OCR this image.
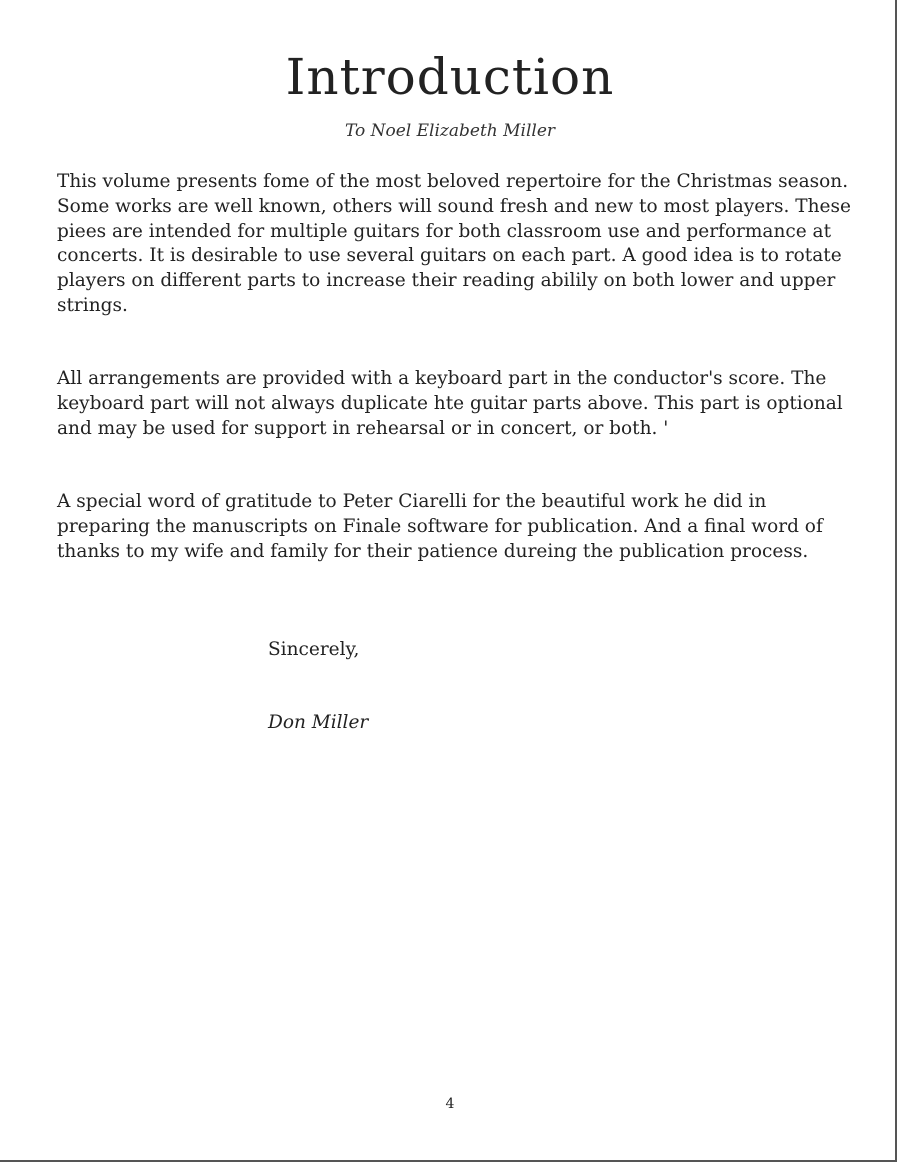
Introduction
To Noel Elizabeth Miller

This volume presents fome of the most beloved repertoire for the Christmas season. Some works are well known, others will sound fresh and new to most players. These piees are intended for multiple guitars for both classroom use and performance at concerts. It is desirable to use several guitars on each part. A good idea is to rotate players on different parts to increase their reading abilily on both lower and upper strings.

All arrangements are provided with a keyboard part in the conductor's score. The keyboard part will not always duplicate hte guitar parts above. This part is optional and may be used for support in rehearsal or in concert, or both. '

A special word of gratitude to Peter Ciarelli for the beautiful work he did in preparing the manuscripts on Finale software for publication. And a final word of thanks to my wife and family for their patience dureing the publication process.

Sincerely,
Don Miller
4
